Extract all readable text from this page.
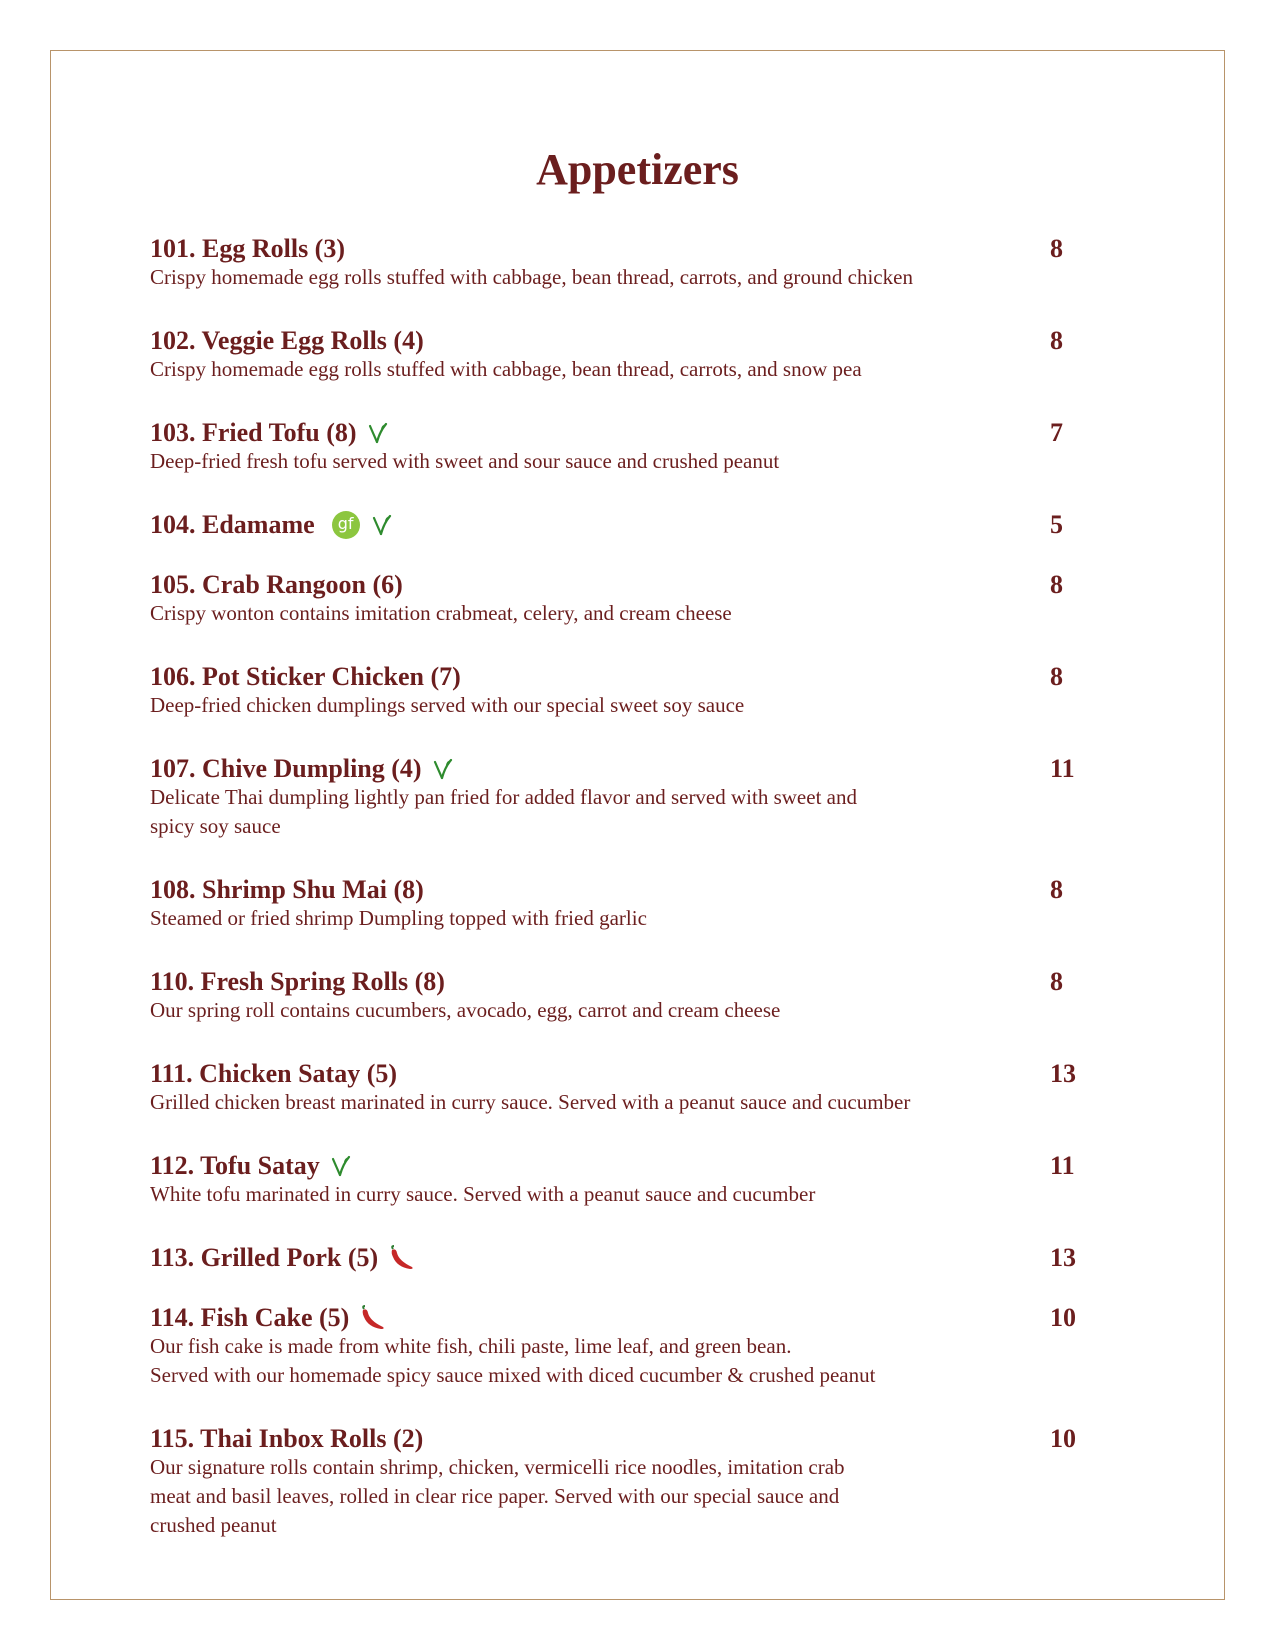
Appetizers
101. Egg Rolls (3)	8
Crispy homemade egg rolls stuffed with cabbage, bean thread, carrots, and ground chicken
102. Veggie Egg Rolls (4)	8
Crispy homemade egg rolls stuffed with cabbage, bean thread, carrots, and snow pea
103. Fried Tofu (8)	7
Deep-fried fresh tofu served with sweet and sour sauce and crushed peanut
104. Edamame	gf	5
105. Crab Rangoon (6)	8
Crispy wonton contains imitation crabmeat, celery, and cream cheese
106. Pot Sticker Chicken (7)	8
Deep-fried chicken dumplings served with our special sweet soy sauce
107. Chive Dumpling (4)	11
Delicate Thai dumpling lightly pan fried for added flavor and served with sweet and
spicy soy sauce
108. Shrimp Shu Mai (8)	8
Steamed or fried shrimp Dumpling topped with fried garlic
110. Fresh Spring Rolls (8)	8
Our spring roll contains cucumbers, avocado, egg, carrot and cream cheese
111. Chicken Satay (5)	13
Grilled chicken breast marinated in curry sauce. Served with a peanut sauce and cucumber
112. Tofu Satay	11
White tofu marinated in curry sauce. Served with a peanut sauce and cucumber
113. Grilled Pork (5)	13
114. Fish Cake (5)	10
Our fish cake is made from white fish, chili paste, lime leaf, and green bean.
Served with our homemade spicy sauce mixed with diced cucumber & crushed peanut
115. Thai Inbox Rolls (2)	10
Our signature rolls contain shrimp, chicken, vermicelli rice noodles, imitation crab
meat and basil leaves, rolled in clear rice paper. Served with our special sauce and
crushed peanut
